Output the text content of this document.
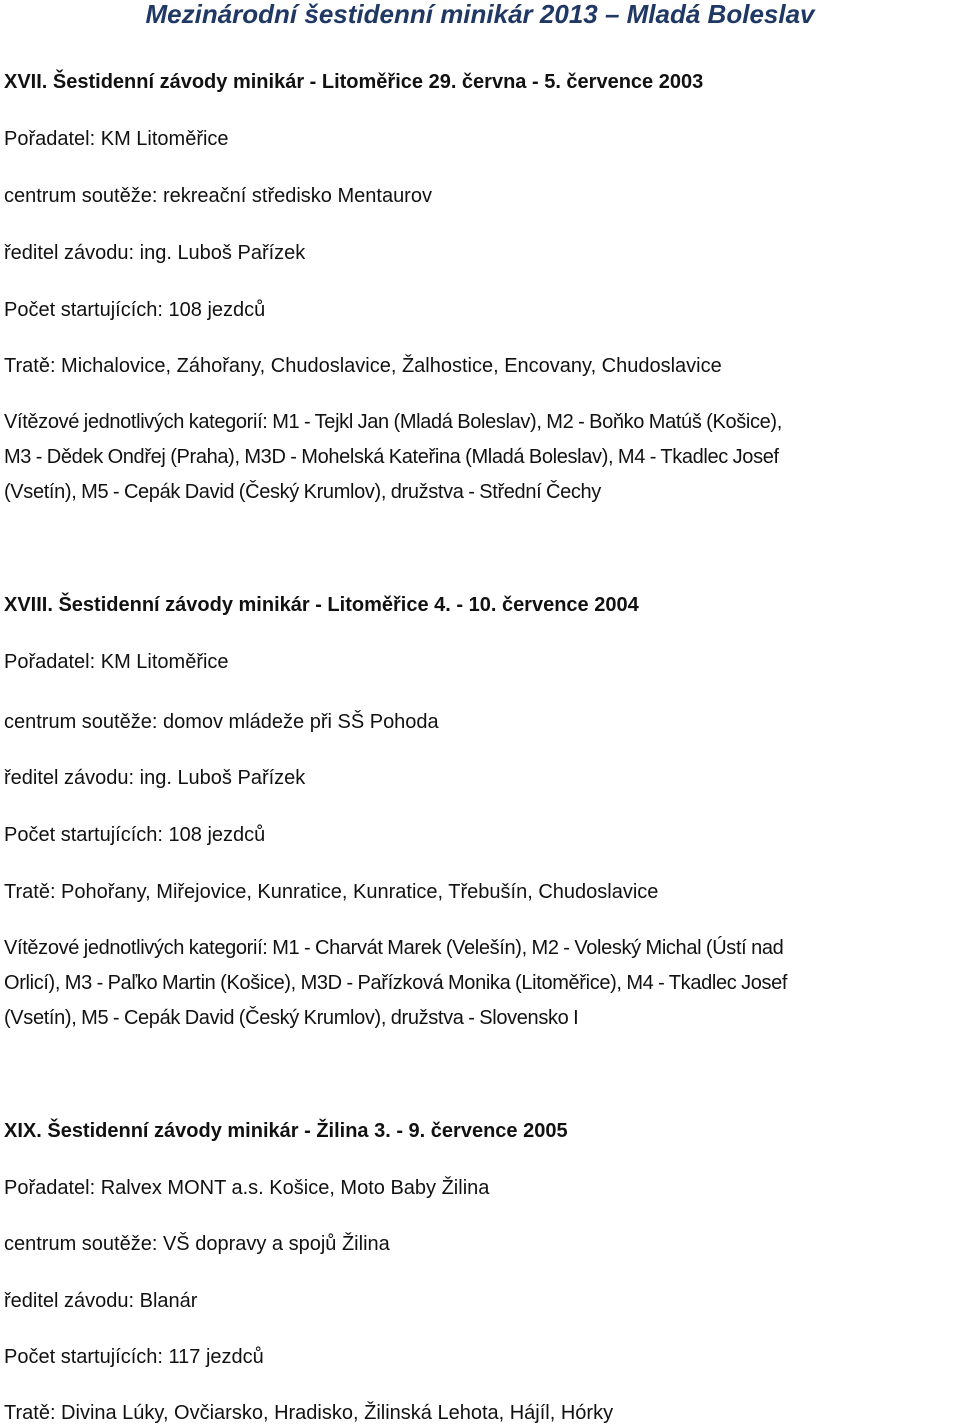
Mezinárodní šestidenní minikár 2013 – Mladá Boleslav

XVII. Šestidenní závody minikár - Litoměřice 29. června - 5. července 2003

Pořadatel: KM Litoměřice

centrum soutěže: rekreační středisko Mentaurov

ředitel závodu: ing. Luboš Pařízek

Počet startujících: 108 jezdců

Tratě: Michalovice, Záhořany, Chudoslavice, Žalhostice, Encovany, Chudoslavice

Vítězové jednotlivých kategorií: M1 - Tejkl Jan (Mladá Boleslav), M2 - Boňko Matúš (Košice),
M3 - Dědek Ondřej (Praha), M3D - Mohelská Kateřina (Mladá Boleslav), M4 - Tkadlec Josef
(Vsetín), M5 - Cepák David (Český Krumlov), družstva - Střední Čechy

XVIII. Šestidenní závody minikár - Litoměřice 4. - 10. července 2004

Pořadatel: KM Litoměřice

centrum soutěže: domov mládeže při SŠ Pohoda

ředitel závodu: ing. Luboš Pařízek

Počet startujících: 108 jezdců

Tratě: Pohořany, Miřejovice, Kunratice, Kunratice, Třebušín, Chudoslavice

Vítězové jednotlivých kategorií: M1 - Charvát Marek (Velešín), M2 - Voleský Michal (Ústí nad
Orlicí), M3 - Paľko Martin (Košice), M3D - Pařízková Monika (Litoměřice), M4 - Tkadlec Josef
(Vsetín), M5 - Cepák David (Český Krumlov), družstva - Slovensko I

XIX. Šestidenní závody minikár - Žilina 3. - 9. července 2005

Pořadatel: Ralvex MONT a.s. Košice, Moto Baby Žilina

centrum soutěže: VŠ dopravy a spojů Žilina

ředitel závodu: Blanár

Počet startujících: 117 jezdců

Tratě: Divina Lúky, Ovčiarsko, Hradisko, Žilinská Lehota, Hájíl, Hórky
